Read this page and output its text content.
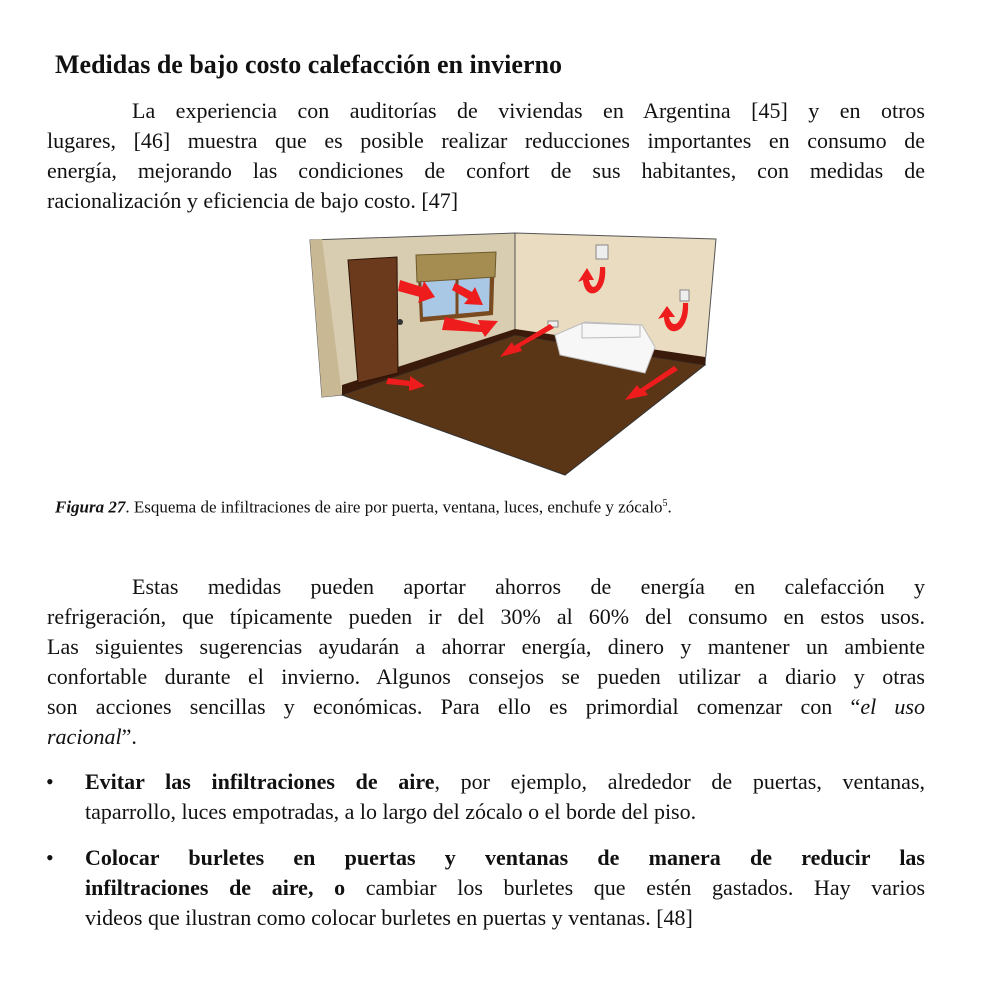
Medidas de bajo costo calefacción en invierno
La experiencia con auditorías de viviendas en Argentina [45] y en otros
lugares, [46] muestra que es posible realizar reducciones importantes en consumo de
energía, mejorando las condiciones de confort de sus habitantes, con medidas de
racionalización y eficiencia de bajo costo. [47]
Figura 27. Esquema de infiltraciones de aire por puerta, ventana, luces, enchufe y zócalo$^5$.
Estas medidas pueden aportar ahorros de energía en calefacción y
refrigeración, que típicamente pueden ir del 30% al 60% del consumo en estos usos.
Las siguientes sugerencias ayudarán a ahorrar energía, dinero y mantener un ambiente
confortable durante el invierno. Algunos consejos se pueden utilizar a diario y otras
son acciones sencillas y económicas. Para ello es primordial comenzar con “el uso
racional”.
• Evitar las infiltraciones de aire, por ejemplo, alrededor de puertas, ventanas,
taparrollo, luces empotradas, a lo largo del zócalo o el borde del piso.
• Colocar burletes en puertas y ventanas de manera de reducir las
infiltraciones de aire, o cambiar los burletes que estén gastados. Hay varios
videos que ilustran como colocar burletes en puertas y ventanas. [48]
